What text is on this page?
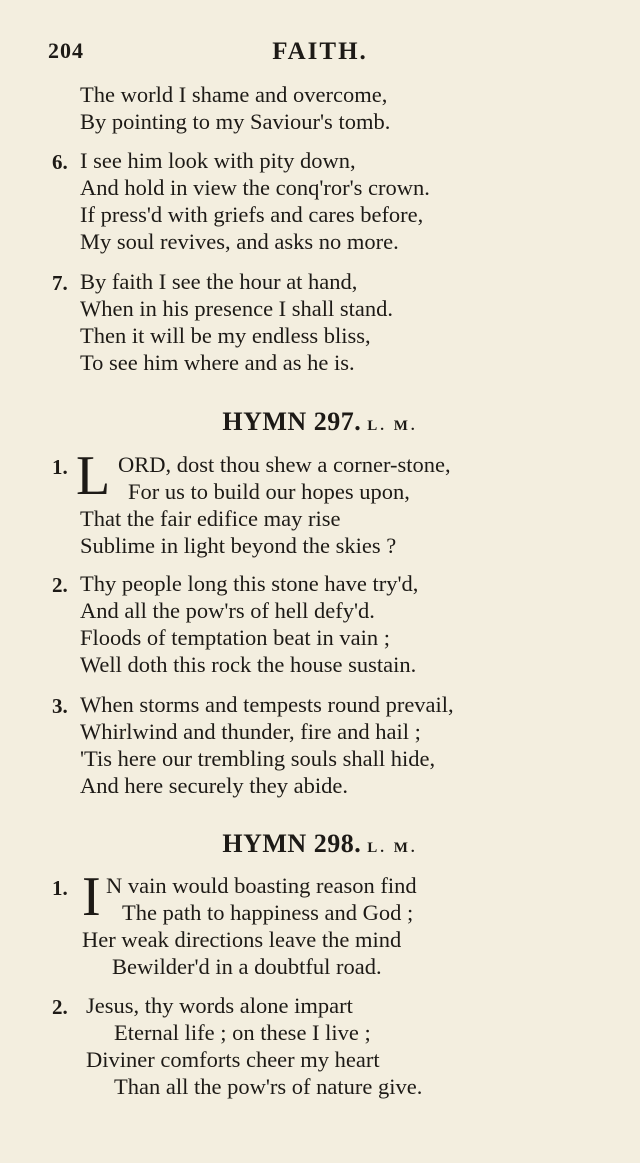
204	FAITH.
The world I shame and overcome,
By pointing to my Saviour's tomb.
6. I see him look with pity down,
And hold in view the conq'ror's crown.
If press'd with griefs and cares before,
My soul revives, and asks no more.
7. By faith I see the hour at hand,
When in his presence I shall stand.
Then it will be my endless bliss,
To see him where and as he is.
HYMN 297. L. M.
1. L ORD, dost thou shew a corner-stone,
For us to build our hopes upon,
That the fair edifice may rise
Sublime in light beyond the skies ?
2. Thy people long this stone have try'd,
And all the pow'rs of hell defy'd.
Floods of temptation beat in vain ;
Well doth this rock the house sustain.
3. When storms and tempests round prevail,
Whirlwind and thunder, fire and hail ;
'Tis here our trembling souls shall hide,
And here securely they abide.
HYMN 298. L. M.
1. I N vain would boasting reason find
The path to happiness and God ;
Her weak directions leave the mind
Bewilder'd in a doubtful road.
2. Jesus, thy words alone impart
Eternal life ; on these I live ;
Diviner comforts cheer my heart
Than all the pow'rs of nature give.
